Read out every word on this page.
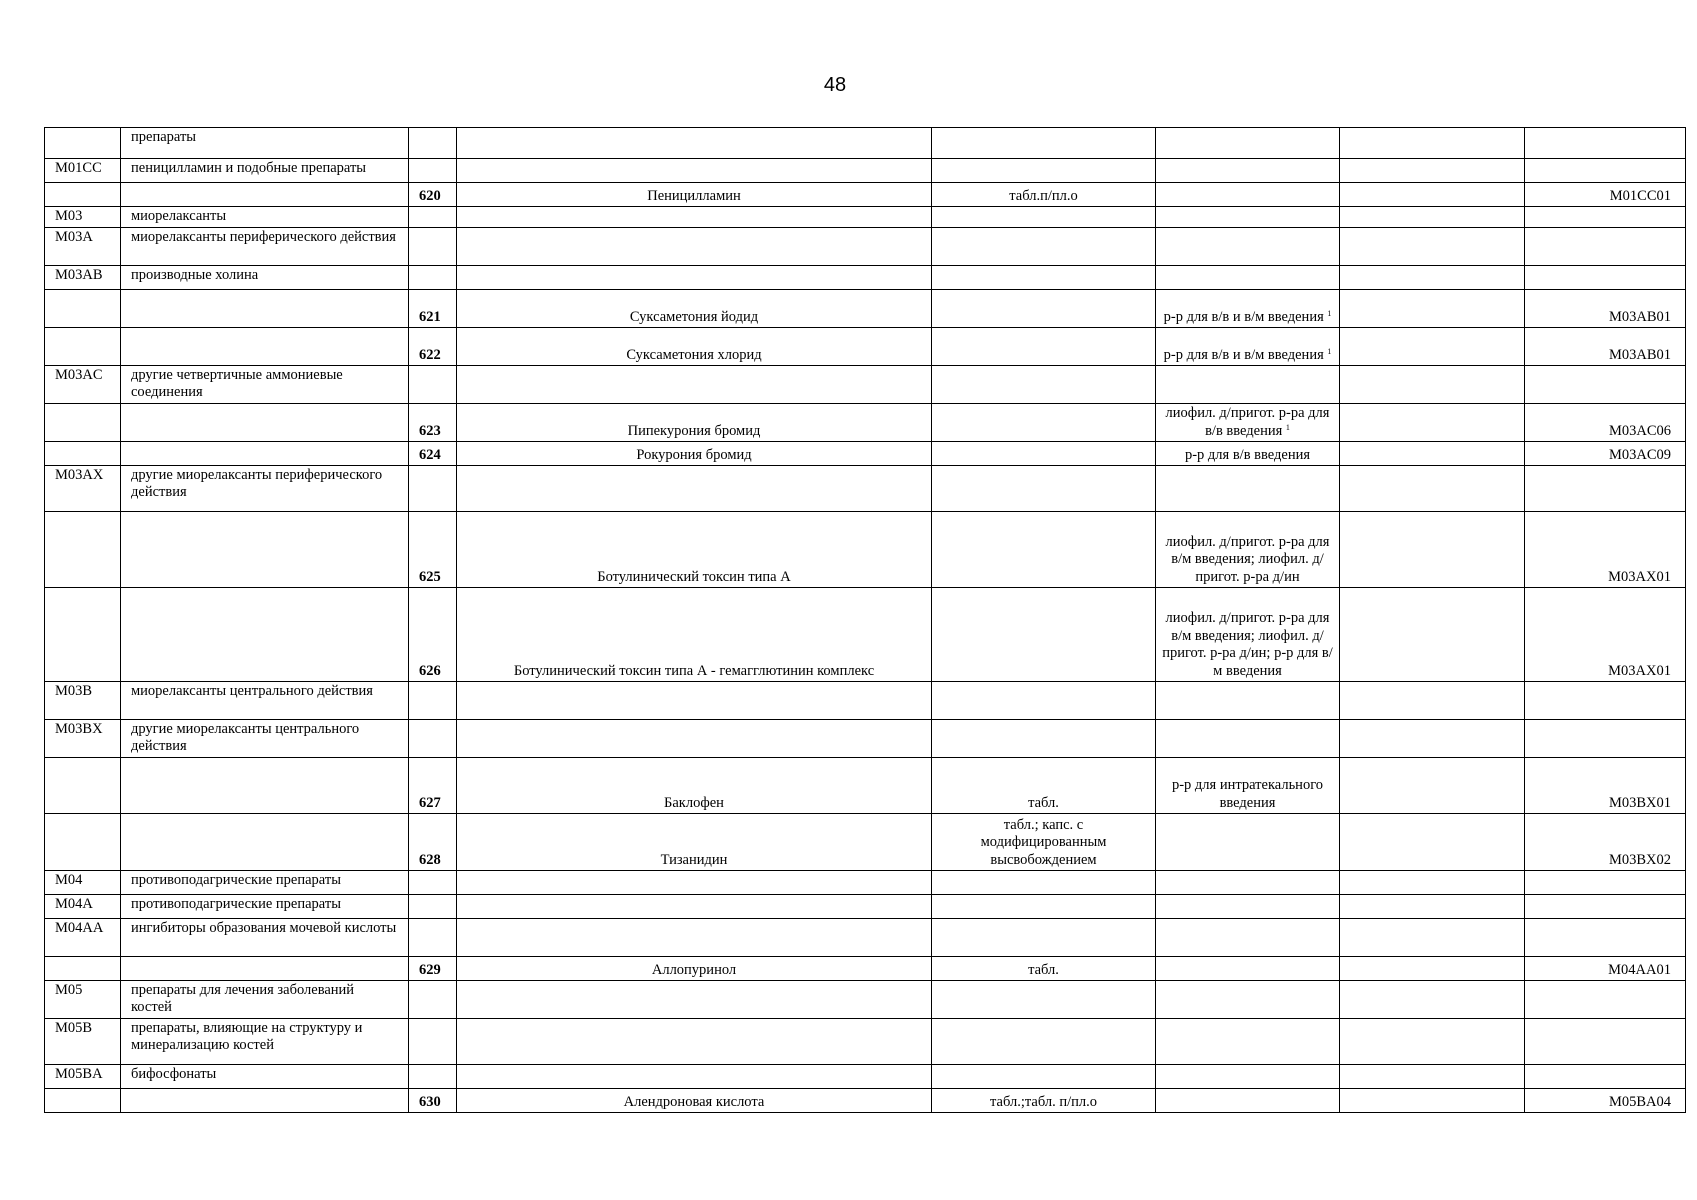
48
	препараты						
M01CC	пеницилламин и подобные препараты						
		620	Пеницилламин	табл.п/пл.о			M01CC01
M03	миорелаксанты						
M03A	миорелаксанты периферического действия						
M03AB	производные холина						
		621	Суксаметония йодид		р-р для в/в и в/м введения $^1$		M03AB01
		622	Суксаметония хлорид		р-р для в/в и в/м введения $^1$		M03AB01
M03AC	другие четвертичные аммониевые соединения						
		623	Пипекурония бромид		лиофил. д/пригот. р-ра для в/в введения $^1$		M03AC06
		624	Рокурония бромид		р-р для в/в введения		M03AC09
M03AX	другие миорелаксанты периферического действия						
		625	Ботулинический токсин типа А		лиофил. д/пригот. р-ра для в/м введения; лиофил. д/пригот. р-ра д/ин		M03AX01
		626	Ботулинический токсин типа А - гемагглютинин комплекс		лиофил. д/пригот. р-ра для в/м введения; лиофил. д/пригот. р-ра д/ин; р-р для в/м введения		M03AX01
M03B	миорелаксанты центрального действия						
M03BX	другие миорелаксанты центрального действия						
		627	Баклофен	табл.	р-р для интратекального введения		M03BX01
		628	Тизанидин	табл.; капс. с модифицированным высвобождением			M03BX02
M04	противоподагрические препараты						
M04A	противоподагрические препараты						
M04AA	ингибиторы образования мочевой кислоты						
		629	Аллопуринол	табл.			M04AA01
M05	препараты для лечения заболеваний костей						
M05B	препараты, влияющие на структуру и минерализацию костей						
M05BA	бифосфонаты						
		630	Алендроновая кислота	табл.;табл. п/пл.о			M05BA04
